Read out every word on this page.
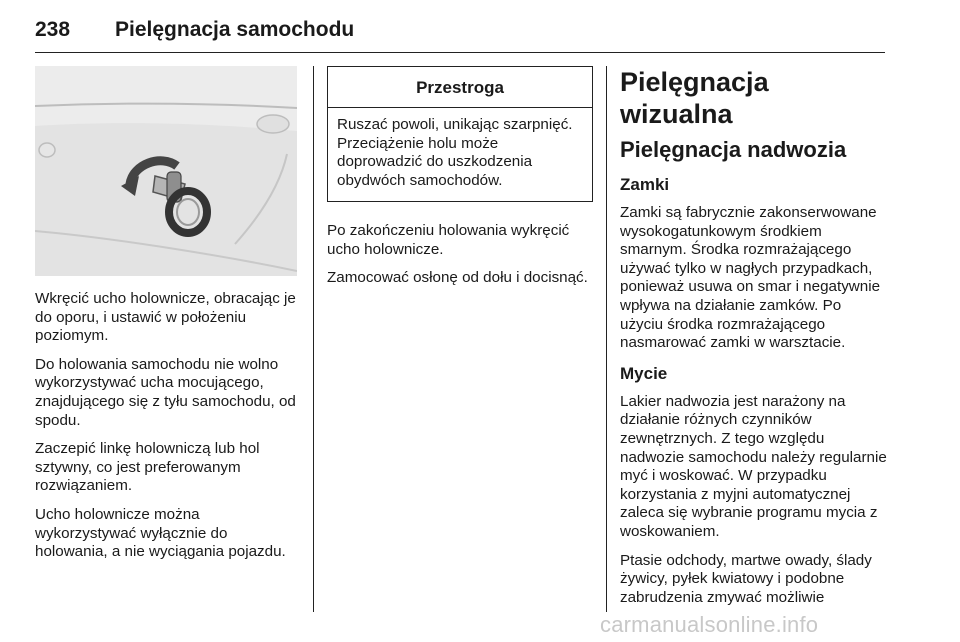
238 Pielęgnacja samochodu

Wkręcić ucho holownicze, obracając je do oporu, i ustawić w położeniu poziomym.

Do holowania samochodu nie wolno wykorzystywać ucha mocującego, znajdującego się z tyłu samochodu, od spodu.

Zaczepić linkę holowniczą lub hol sztywny, co jest preferowanym rozwiązaniem.

Ucho holownicze można wykorzystywać wyłącznie do holowania, a nie wyciągania pojazdu.

Przestroga
Ruszać powoli, unikając szarpnięć. Przeciążenie holu może doprowadzić do uszkodzenia obydwóch samochodów.

Po zakończeniu holowania wykręcić ucho holownicze.

Zamocować osłonę od dołu i docisnąć.

Pielęgnacja wizualna
Pielęgnacja nadwozia
Zamki

Zamki są fabrycznie zakonserwowane wysokogatunkowym środkiem smarnym. Środka rozmrażającego używać tylko w nagłych przypadkach, ponieważ usuwa on smar i negatywnie wpływa na działanie zamków. Po użyciu środka rozmrażającego nasmarować zamki w warsztacie.

Mycie

Lakier nadwozia jest narażony na działanie różnych czynników zewnętrznych. Z tego względu nadwozie samochodu należy regularnie myć i woskować. W przypadku korzystania z myjni automatycznej zaleca się wybranie programu mycia z woskowaniem.

Ptasie odchody, martwe owady, ślady żywicy, pyłek kwiatowy i podobne zabrudzenia zmywać możliwie

carmanualsonline.info
